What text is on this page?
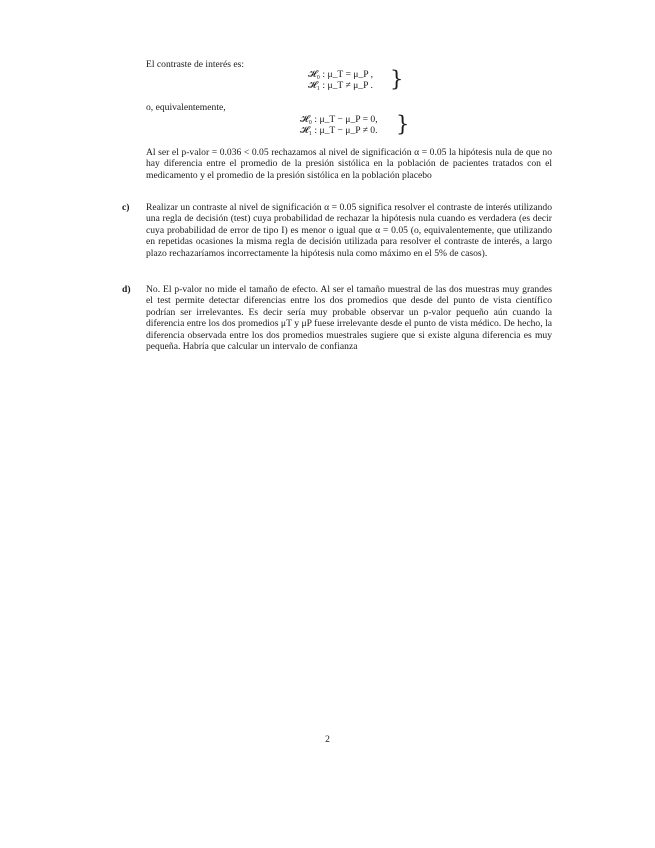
El contraste de interés es:
𝓗₀ : μ_T = μ_P ,
𝓗₁ : μ_T ≠ μ_P . }
o, equivalentemente,
𝓗₀ : μ_T − μ_P = 0,
𝓗₁ : μ_T − μ_P ≠ 0. }
Al ser el p-valor = 0.036 < 0.05 rechazamos al nivel de significación α = 0.05 la hipótesis nula de que no hay diferencia entre el promedio de la presión sistólica en la población de pacientes tratados con el medicamento y el promedio de la presión sistólica en la población placebo
c) Realizar un contraste al nivel de significación α = 0.05 significa resolver el contraste de interés utilizando una regla de decisión (test) cuya probabilidad de rechazar la hipótesis nula cuando es verdadera (es decir cuya probabilidad de error de tipo I) es menor o igual que α = 0.05 (o, equivalentemente, que utilizando en repetidas ocasiones la misma regla de decisión utilizada para resolver el contraste de interés, a largo plazo rechazaríamos incorrectamente la hipótesis nula como máximo en el 5% de casos).
d) No. El p-valor no mide el tamaño de efecto. Al ser el tamaño muestral de las dos muestras muy grandes el test permite detectar diferencias entre los dos promedios que desde del punto de vista científico podrían ser irrelevantes. Es decir sería muy probable observar un p-valor pequeño aún cuando la diferencia entre los dos promedios μT y μP fuese irrelevante desde el punto de vista médico. De hecho, la diferencia observada entre los dos promedios muestrales sugiere que si existe alguna diferencia es muy pequeña. Habría que calcular un intervalo de confianza
2
